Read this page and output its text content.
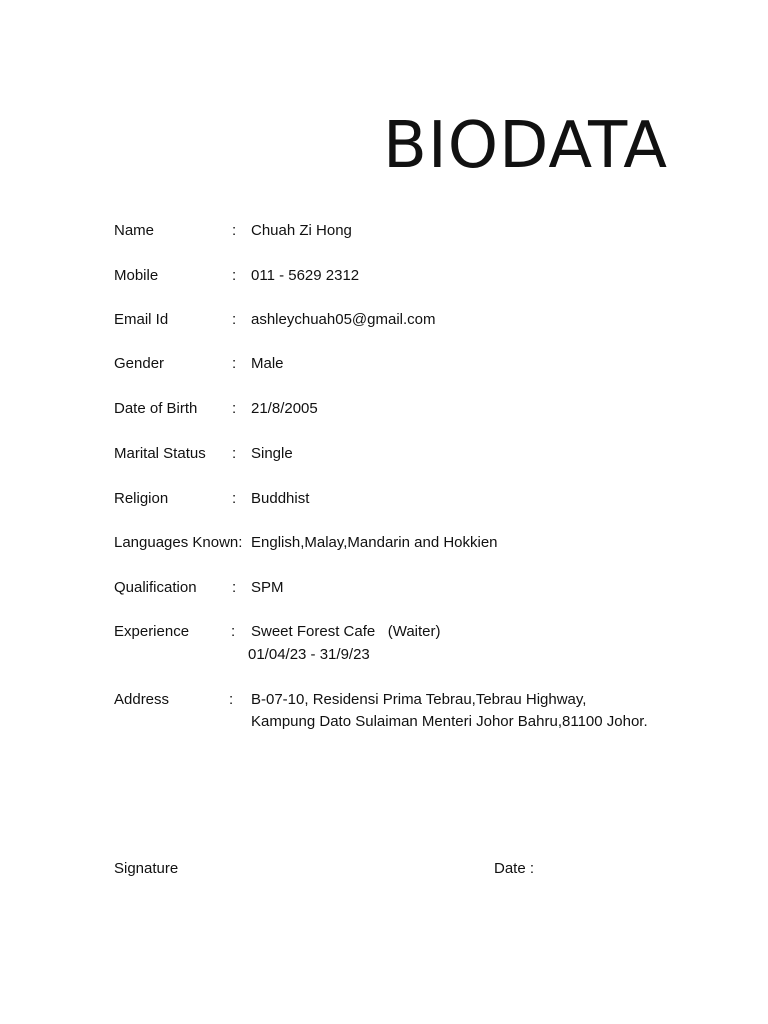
BIODATA
Name	: Chuah Zi Hong
Mobile	: 011 - 5629 2312
Email Id	: ashleychuah05@gmail.com
Gender	: Male
Date of Birth : 21/8/2005
Marital Status : Single
Religion	: Buddhist
Languages Known: English,Malay,Mandarin and Hokkien
Qualification : SPM
Experience	: Sweet Forest Cafe   (Waiter)
01/04/23 - 31/9/23
Address	: B-07-10, Residensi Prima Tebrau,Tebrau Highway,
Kampung Dato Sulaiman Menteri Johor Bahru,81100 Johor.
Signature	Date :
